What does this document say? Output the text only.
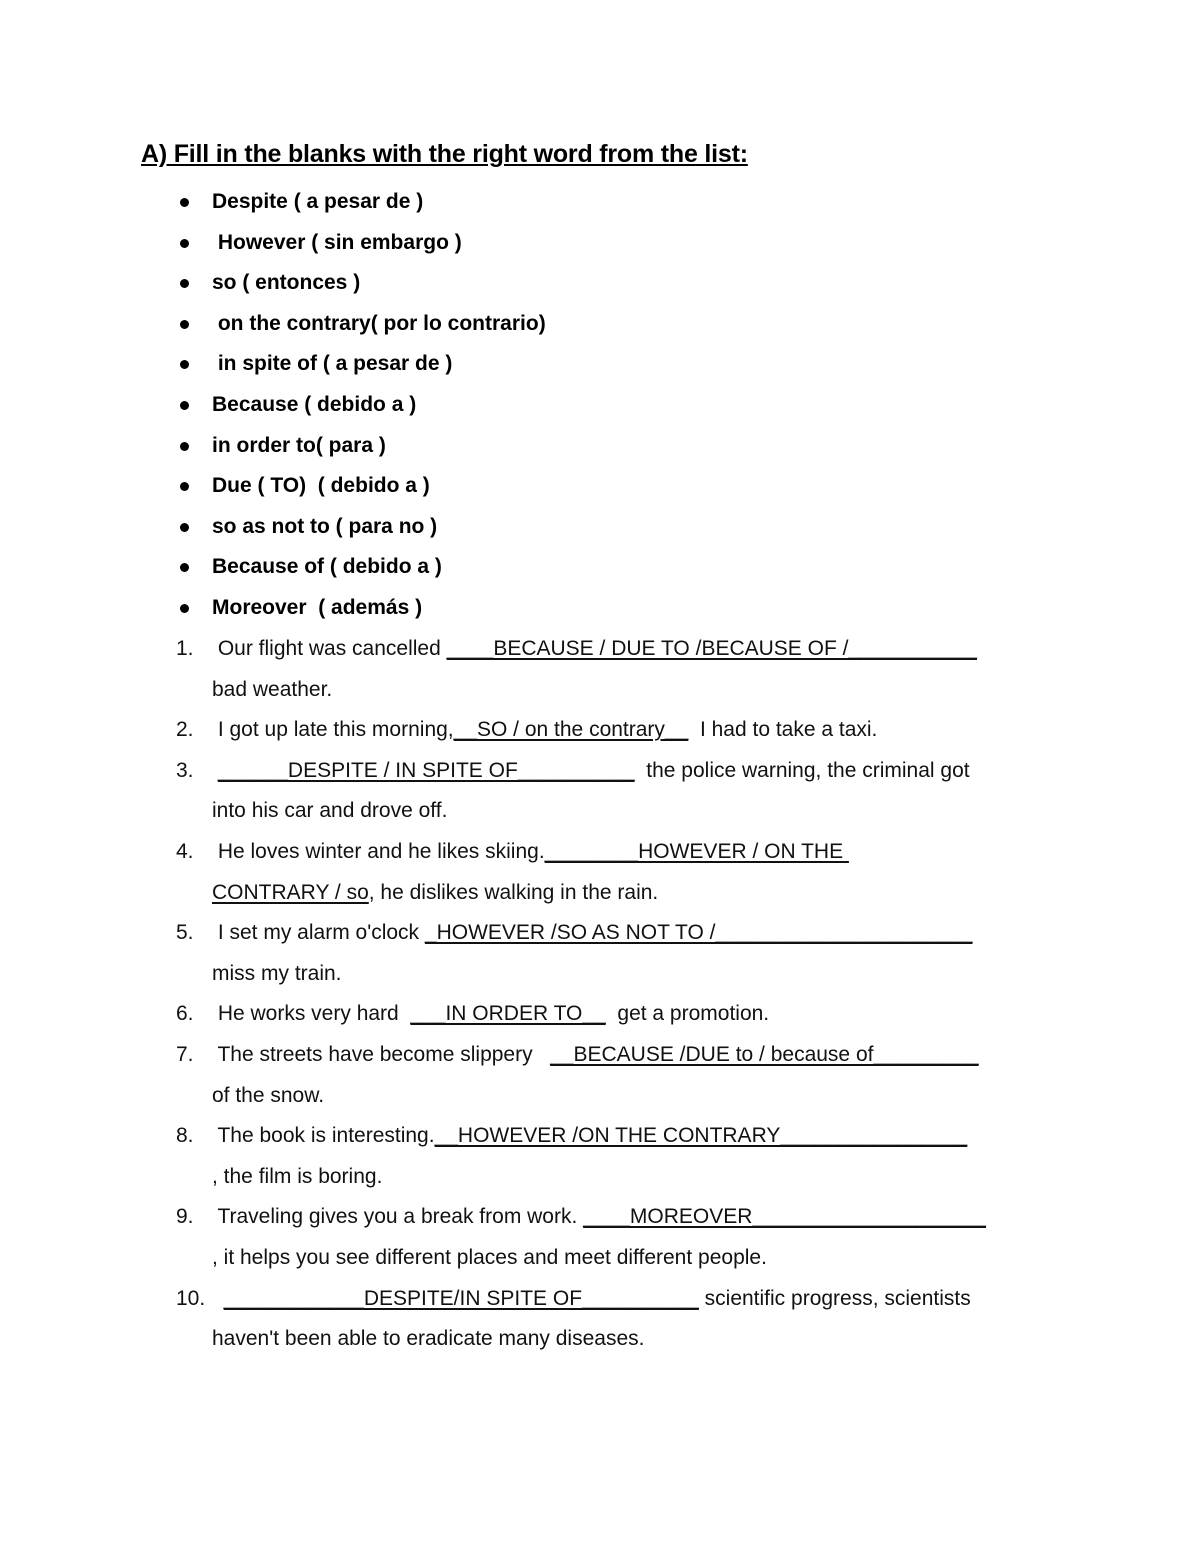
A) Fill in the blanks with the right word from the list:
Despite ( a pesar de )
However ( sin embargo )
so ( entonces )
on the contrary( por lo contrario)
in spite of ( a pesar de )
Because ( debido a )
in order to( para )
Due ( TO)  ( debido a )
so as not to ( para no )
Because of ( debido a )
Moreover  ( además )
1. Our flight was cancelled ____BECAUSE / DUE TO /BECAUSE OF /___________
bad weather.
2. I got up late this morning,__SO / on the contrary__  I had to take a taxi.
3. ______DESPITE / IN SPITE OF__________  the police warning, the criminal got
into his car and drove off.
4. He loves winter and he likes skiing.________HOWEVER / ON THE
CONTRARY / so, he dislikes walking in the rain.
5. I set my alarm o'clock _HOWEVER /SO AS NOT TO /______________________
miss my train.
6. He works very hard  ___IN ORDER TO__  get a promotion.
7. The streets have become slippery   __BECAUSE /DUE to / because of_________
of the snow.
8. The book is interesting.__HOWEVER /ON THE CONTRARY________________
, the film is boring.
9. Traveling gives you a break from work. ____MOREOVER____________________
, it helps you see different places and meet different people.
10. ____________DESPITE/IN SPITE OF__________ scientific progress, scientists
haven't been able to eradicate many diseases.
